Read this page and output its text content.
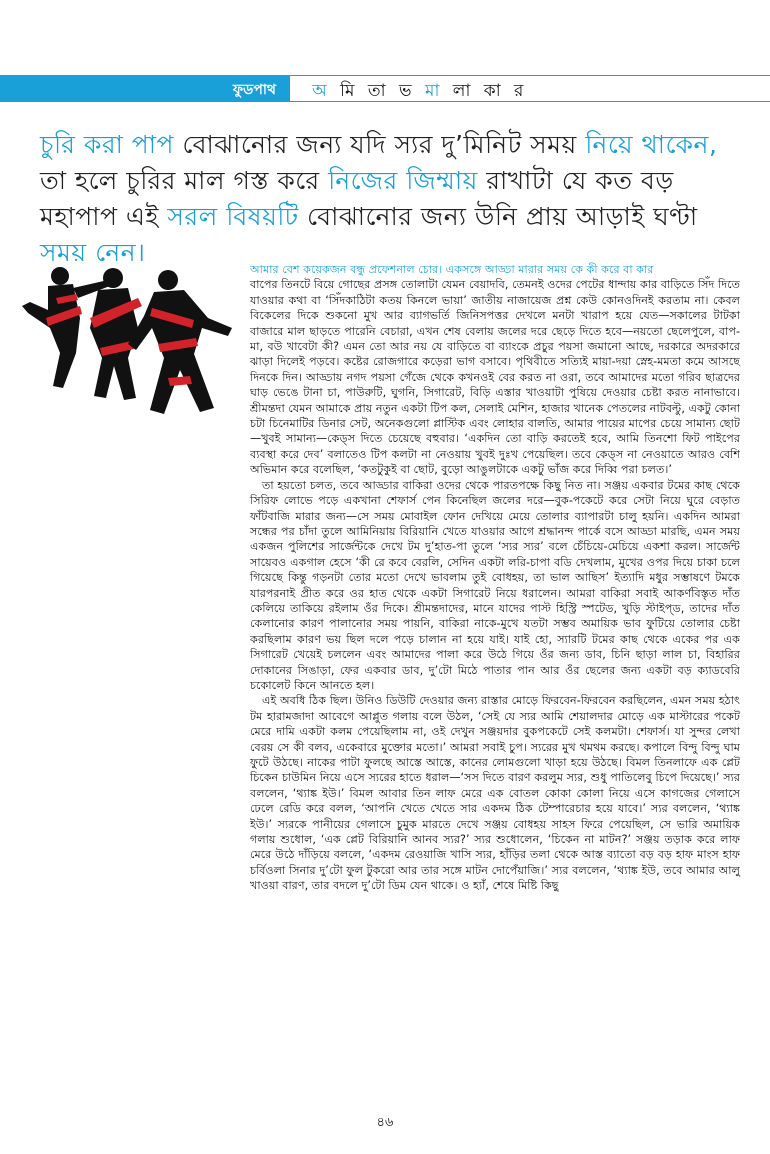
ফুডপাথ অ মি তা ভ মা লা কা র
চুরি করা পাপ বোঝানোর জন্য যদি স্যর দু’মিনিট সময় নিয়ে থাকেন, তা হলে চুরির মাল গস্ত করে নিজের জিম্মায় রাখাটা যে কত বড় মহাপাপ এই সরল বিষয়টি বোঝানোর জন্য উনি প্রায় আড়াই ঘণ্টা সময় নেন।

আমার বেশ কয়েকজন বন্ধু প্রফেশনাল চোর। একসঙ্গে আড্ডা মারার সময় কে কী করে বা কার

বাপের তিনটে বিয়ে গোছের প্রসঙ্গ তোলাটা যেমন বেয়াদবি, তেমনই ওদের পেটের ধান্দায় কার বাড়িতে সিঁদ দিতে যাওয়ার কথা বা ‘সিঁদকাঠিটা কতয় কিনলে ভায়া’ জাতীয় নাজায়েজ প্রশ্ন কেউ কোনওদিনই করতাম না। কেবল বিকেলের দিকে শুকনো মুখ আর ব্যাগভর্তি জিনিসপত্তর দেখলে মনটা খারাপ হয়ে যেত—সকালের টাটকা বাজারে মাল ছাড়তে পারেনি বেচারা, এখন শেষ বেলায় জলের দরে ছেড়ে দিতে হবে—নয়তো ছেলেপুলে, বাপ-মা, বউ খাবেটা কী? এমন তো আর নয় যে বাড়িতে বা ব্যাংকে প্রচুর পয়সা জমানো আছে, দরকারে অদরকারে ঝাড়া দিলেই পড়বে। কষ্টের রোজগারে কড়েরা ভাগ বসাবে। পৃথিবীতে সত্যিই মায়া-দয়া স্নেহ-মমতা কমে আসছে দিনকে দিন। আড্ডায় নগদ পয়সা গেঁজে থেকে কখনওই বের করত না ওরা, তবে আমাদের মতো গরিব ছাত্রদের ঘাড় ভেঙে টানা চা, পাউরুটি, ঘুগনি, সিগারেট, বিড়ি এস্তার খাওয়াটা পুষিয়ে দেওয়ার চেষ্টা করত নানাভাবে। শ্রীমন্তদা যেমন আমাকে প্রায় নতুন একটা টিপ কল, সেলাই মেশিন, হাজার খানেক পেতলের নাটবল্টু, একটু কোনা চটা চিনেমাটির ডিনার সেট, অনেকগুলো প্লাস্টিক এবং লোহার বালতি, আমার পায়ের মাপের চেয়ে সামান্য ছোট—খুবই সামান্য—কেড্‌স দিতে চেয়েছে বহুবার। ‘একদিন তো বাড়ি করতেই হবে, আমি তিনশো ফিট পাইপের ব্যবস্থা করে দেব’ বলাতেও টিপ কলটা না নেওয়ায় খুবই দুঃখ পেয়েছিল। তবে কেড্‌স না নেওয়াতে আরও বেশি অভিমান করে বলেছিল, ‘কতটুকুই বা ছোট, বুড়ো আঙুলটাকে একটু ভাঁজ করে দিব্বি পরা চলত।’

তা হয়তো চলত, তবে আড্ডার বাকিরা ওদের থেকে পারতপক্ষে কিছু নিত না। সঞ্জয় একবার টমের কাছ থেকে সিরিফ লোভে পড়ে একখানা শেফার্স পেন কিনেছিল জলের দরে—বুক-পকেটে করে সেটা নিয়ে ঘুরে বেড়াত ফাঁটবাজি মারার জন্য—সে সময় মোবাইল ফোন দেখিয়ে মেয়ে তোলার ব্যাপারটা চালু হয়নি। একদিন আমরা সন্ধের পর চাঁদা তুলে আমিনিয়ায় বিরিয়ানি খেতে যাওয়ার আগে শ্রদ্ধানন্দ পার্কে বসে আড্ডা মারছি, এমন সময় একজন পুলিশের সার্জেন্টকে দেখে টম দু’হাত-পা তুলে ‘স্যর স্যর’ বলে চেঁচিয়ে-মেচিয়ে একশা করল। সার্জেন্ট সায়েবও একগাল হেসে ‘কী রে কবে বেরলি, সেদিন একটা লরি-চাপা বডি দেখলাম, মুখের ওপর দিয়ে চাকা চলে গিয়েছে কিন্তু গড়নটা তোর মতো দেখে ভাবলাম তুই বোধহয়, তা ভাল আছিস’ ইত্যাদি মধুর সম্ভাষণে টমকে যারপরনাই প্রীত করে ওর হাত থেকে একটা সিগারেট নিয়ে ধরালেন। আমরা বাকিরা সবাই আকর্ণবিস্তৃত দাঁত কেলিয়ে তাকিয়ে রইলাম ওঁর দিকে। শ্রীমন্তদাদের, মানে যাদের পাস্ট হিস্ট্রি স্পটেড, খুড়ি স্টাইপ্‌ড, তাদের দাঁত কেলানোর কারণ পালানোর সময় পায়নি, বাকিরা নাকে-মুখে যতটা সম্ভব অমায়িক ভাব ফুটিয়ে তোলার চেষ্টা করছিলাম কারণ ভয় ছিল দলে পড়ে চালান না হয়ে যাই। যাই হো, স্যারটি টমের কাছ থেকে একের পর এক সিগারেট খেয়েই চললেন এবং আমাদের পালা করে উঠে গিয়ে ওঁর জন্য ডাব, চিনি ছাড়া লাল চা, বিহারির দোকানের সিঙাড়া, ফের একবার ডাব, দু’টো মিঠে পাতার পান আর ওঁর ছেলের জন্য একটা বড় ক্যাডবেরি চকোলেট কিনে আনতে হল।

এই অবধি ঠিক ছিল। উনিও ডিউটি দেওয়ার জন্য রাস্তার মোড়ে ফিরবেন-ফিরবেন করছিলেন, এমন সময় হঠাৎ টম হারামজাদা আবেগে আপ্লুত গলায় বলে উঠল, ‘সেই যে স্যর আমি শেয়ালদার মোড়ে এক মাস্টারের পকেট মেরে দামি একটা কলম পেয়েছিলাম না, ওই দেখুন সঞ্জয়দার বুকপকেটে সেই কলমটা। শেফার্স। যা সুন্দর লেখা বেরয় সে কী বলব, একেবারে মুক্তোর মতো।’ আমরা সবাই চুপ। স্যরের মুখ থমথম করছে। কপালে বিন্দু বিন্দু ঘাম ফুটে উঠছে। নাকের পাটা ফুলছে আস্তে আস্তে, কানের লোমগুলো খাড়া হয়ে উঠছে। বিমল তিনলাফে এক প্লেট চিকেন চাউমিন নিয়ে এসে স্যরের হাতে ধরাল—‘সস দিতে বারণ করলুম স্যর, শুধু পাতিলেবু চিপে দিয়েছে।’ স্যর বললেন, ‘থ্যাঙ্ক ইউ।’ বিমল আবার তিন লাফ মেরে এক বোতল কোকা কোলা নিয়ে এসে কাগজের গেলাসে ঢেলে রেডি করে বলল, ‘আপনি খেতে খেতে সার একদম ঠিক টেম্পারেচার হয়ে যাবে।’ স্যর বললেন, ‘থ্যাঙ্ক ইউ।’ স্যরকে পানীয়ের গেলাসে চুমুক মারতে দেখে সঞ্জয় বোধহয় সাহস ফিরে পেয়েছিল, সে ভারি অমায়িক গলায় শুধোল, ‘এক প্লেট বিরিয়ানি আনব স্যর?’ স্যর শুধোলেন, ‘চিকেন না মাটন?’ সঞ্জয় তড়াক করে লাফ মেরে উঠে দাঁড়িয়ে বললে, ‘একদম রেওয়াজি খাসি স্যর, হাঁড়ির তলা থেকে আস্ত ব্যাতো বড় বড় হাফ মাংস হাফ চর্বিওলা সিনার দু’টো ফুল টুকরো আর তার সঙ্গে মাটন দোপেঁয়াজি।’ স্যর বললেন, ‘থ্যাঙ্ক ইউ, তবে আমার আলু খাওয়া বারণ, তার বদলে দু’টো ডিম যেন থাকে। ও হ্যাঁ, শেষে মিষ্টি কিছু

৪৬
